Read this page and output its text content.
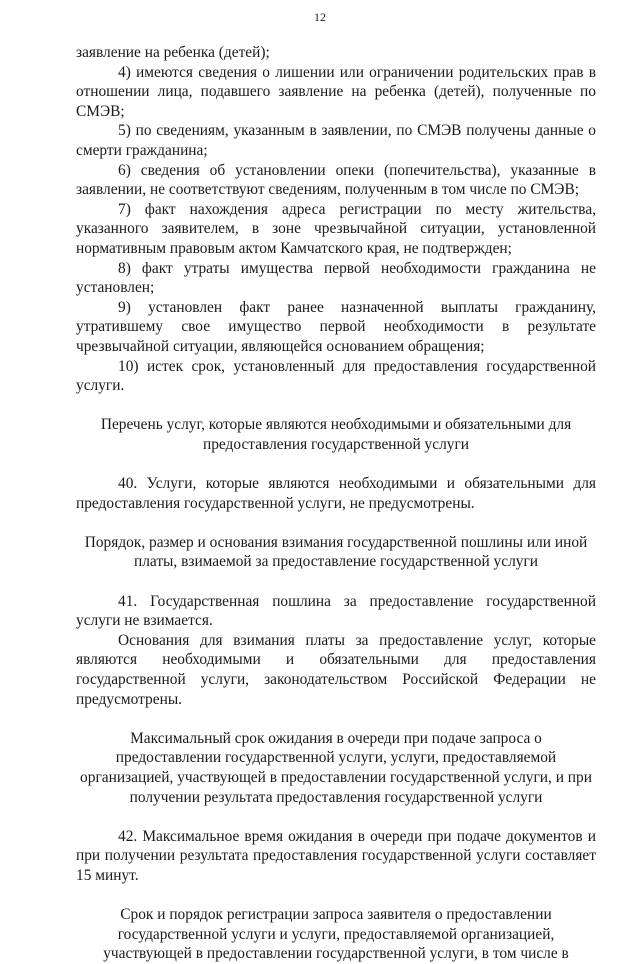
12

заявление на ребенка (детей);

4) имеются сведения о лишении или ограничении родительских прав в отношении лица, подавшего заявление на ребенка (детей), полученные по СМЭВ;

5) по сведениям, указанным в заявлении, по СМЭВ получены данные о смерти гражданина;

6) сведения об установлении опеки (попечительства), указанные в заявлении, не соответствуют сведениям, полученным в том числе по СМЭВ;

7) факт нахождения адреса регистрации по месту жительства, указанного заявителем, в зоне чрезвычайной ситуации, установленной нормативным правовым актом Камчатского края, не подтвержден;

8) факт утраты имущества первой необходимости гражданина не установлен;

9) установлен факт ранее назначенной выплаты гражданину, утратившему свое имущество первой необходимости в результате чрезвычайной ситуации, являющейся основанием обращения;

10) истек срок, установленный для предоставления государственной услуги.

Перечень услуг, которые являются необходимыми и обязательными для предоставления государственной услуги

40. Услуги, которые являются необходимыми и обязательными для предоставления государственной услуги, не предусмотрены.

Порядок, размер и основания взимания государственной пошлины или иной платы, взимаемой за предоставление государственной услуги

41. Государственная пошлина за предоставление государственной услуги не взимается.

Основания для взимания платы за предоставление услуг, которые являются необходимыми и обязательными для предоставления государственной услуги, законодательством Российской Федерации не предусмотрены.

Максимальный срок ожидания в очереди при подаче запроса о предоставлении государственной услуги, услуги, предоставляемой организацией, участвующей в предоставлении государственной услуги, и при получении результата предоставления государственной услуги

42. Максимальное время ожидания в очереди при подаче документов и при получении результата предоставления государственной услуги составляет 15 минут.

Срок и порядок регистрации запроса заявителя о предоставлении государственной услуги и услуги, предоставляемой организацией, участвующей в предоставлении государственной услуги, в том числе в
